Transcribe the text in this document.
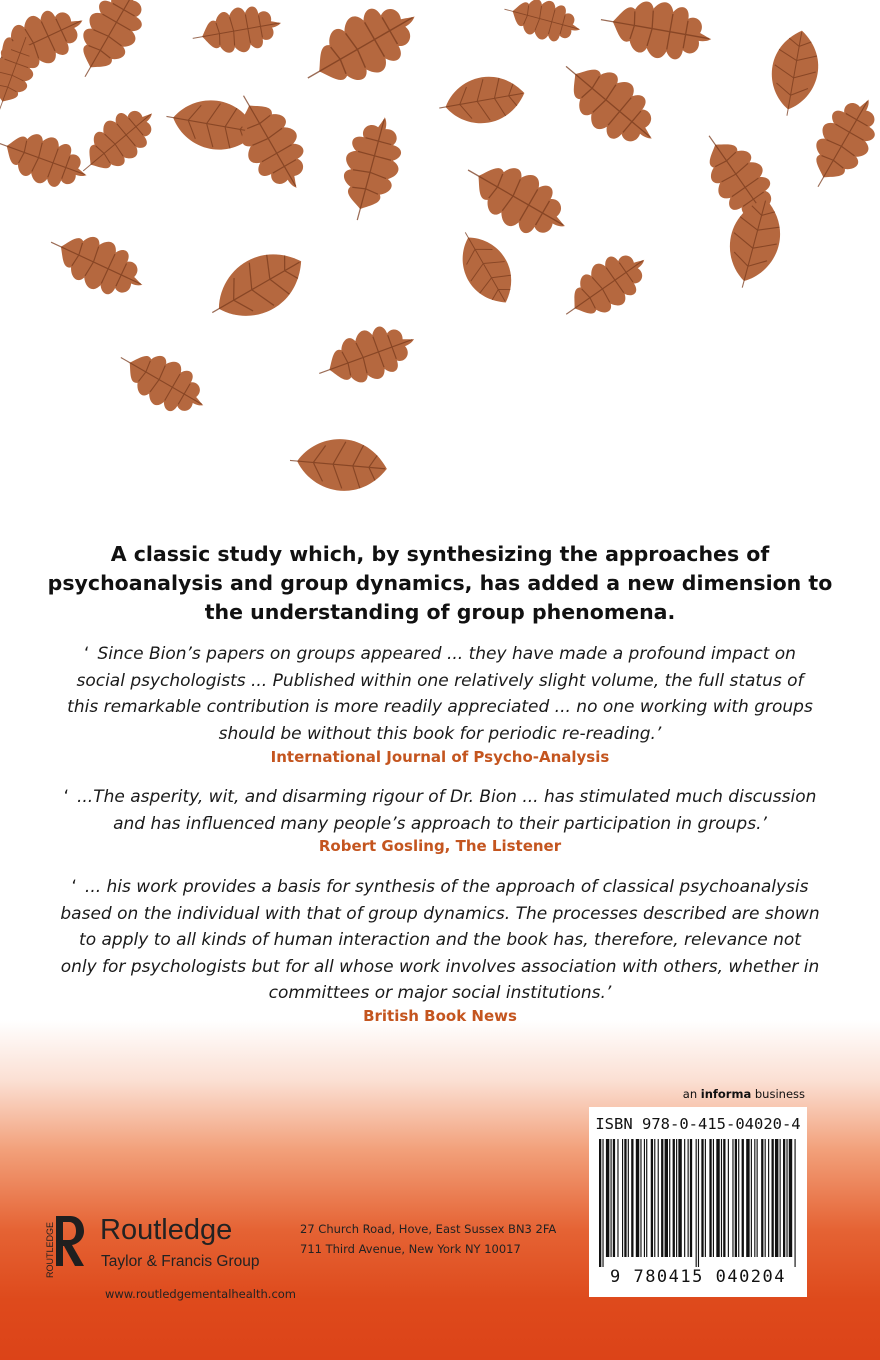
A classic study which, by synthesizing the approaches of psychoanalysis and group dynamics, has added a new dimension to the understanding of group phenomena.
‘ Since Bion’s papers on groups appeared ... they have made a profound impact on social psychologists ... Published within one relatively slight volume, the full status of this remarkable contribution is more readily appreciated ... no one working with groups should be without this book for periodic re-reading.’
International Journal of Psycho-Analysis
‘ ...The asperity, wit, and disarming rigour of Dr. Bion ... has stimulated much discussion and has influenced many people’s approach to their participation in groups.’
Robert Gosling, The Listener
‘ ... his work provides a basis for synthesis of the approach of classical psychoanalysis based on the individual with that of group dynamics. The processes described are shown to apply to all kinds of human interaction and the book has, therefore, relevance not only for psychologists but for all whose work involves association with others, whether in committees or major social institutions.’
British Book News
an informa business
ISBN 978-0-415-04020-4
9 780415 040204
ROUTLEDGE Routledge
Taylor & Francis Group
27 Church Road, Hove, East Sussex BN3 2FA
711 Third Avenue, New York NY 10017
www.routledgementalhealth.com
